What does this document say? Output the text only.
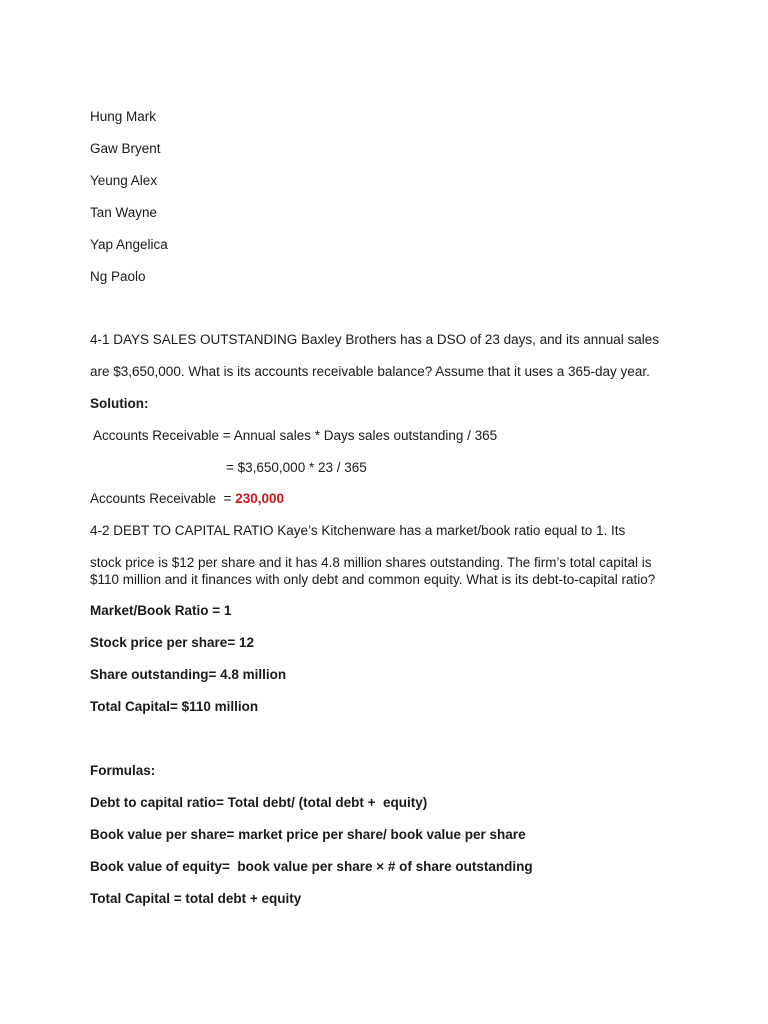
Hung Mark

Gaw Bryent

Yeung Alex

Tan Wayne

Yap Angelica

Ng Paolo

4-1 DAYS SALES OUTSTANDING Baxley Brothers has a DSO of 23 days, and its annual sales

are $3,650,000. What is its accounts receivable balance? Assume that it uses a 365-day year.

Solution:

Accounts Receivable = Annual sales * Days sales outstanding / 365

= $3,650,000 * 23 / 365

Accounts Receivable  = 230,000

4-2 DEBT TO CAPITAL RATIO Kaye’s Kitchenware has a market/book ratio equal to 1. Its

stock price is $12 per share and it has 4.8 million shares outstanding. The firm’s total capital is

$110 million and it finances with only debt and common equity. What is its debt-to-capital ratio?

Market/Book Ratio = 1

Stock price per share= 12

Share outstanding= 4.8 million

Total Capital= $110 million

Formulas:

Debt to capital ratio= Total debt/ (total debt +  equity)

Book value per share= market price per share/ book value per share

Book value of equity=  book value per share × # of share outstanding

Total Capital = total debt + equity
